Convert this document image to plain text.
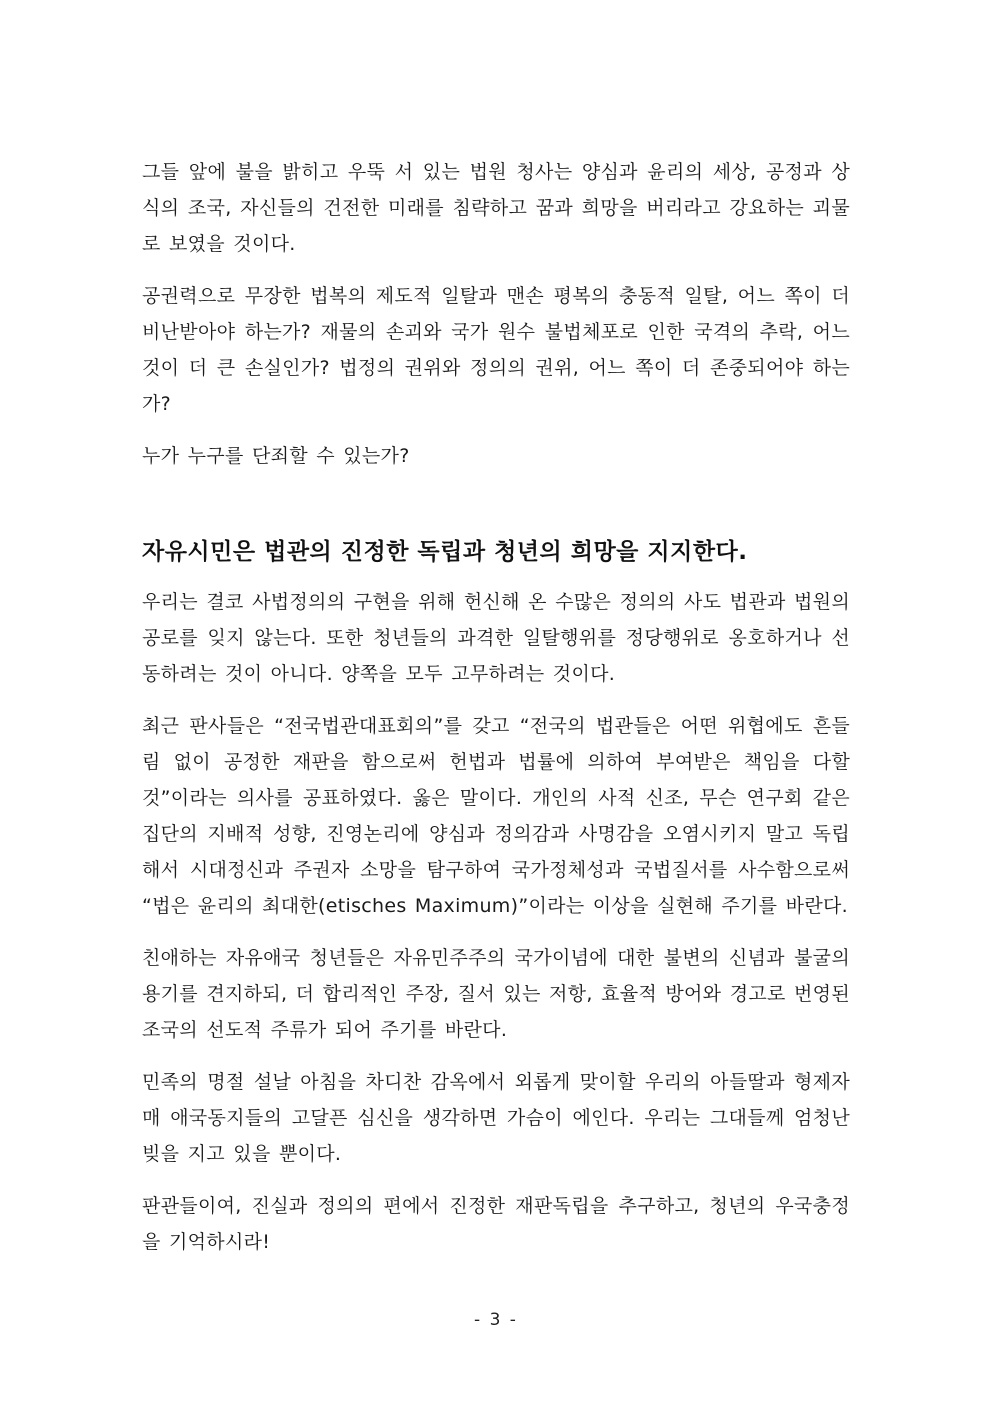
그들 앞에 불을 밝히고 우뚝 서 있는 법원 청사는 양심과 윤리의 세상, 공정과 상식의 조국, 자신들의 건전한 미래를 침략하고 꿈과 희망을 버리라고 강요하는 괴물로 보였을 것이다.

공권력으로 무장한 법복의 제도적 일탈과 맨손 평복의 충동적 일탈, 어느 쪽이 더 비난받아야 하는가? 재물의 손괴와 국가 원수 불법체포로 인한 국격의 추락, 어느 것이 더 큰 손실인가? 법정의 권위와 정의의 권위, 어느 쪽이 더 존중되어야 하는가?

누가 누구를 단죄할 수 있는가?

자유시민은 법관의 진정한 독립과 청년의 희망을 지지한다.

우리는 결코 사법정의의 구현을 위해 헌신해 온 수많은 정의의 사도 법관과 법원의 공로를 잊지 않는다. 또한 청년들의 과격한 일탈행위를 정당행위로 옹호하거나 선동하려는 것이 아니다. 양쪽을 모두 고무하려는 것이다.

최근 판사들은 “전국법관대표회의”를 갖고 “전국의 법관들은 어떤 위협에도 흔들림 없이 공정한 재판을 함으로써 헌법과 법률에 의하여 부여받은 책임을 다할 것”이라는 의사를 공표하였다. 옳은 말이다. 개인의 사적 신조, 무슨 연구회 같은 집단의 지배적 성향, 진영논리에 양심과 정의감과 사명감을 오염시키지 말고 독립해서 시대정신과 주권자 소망을 탐구하여 국가정체성과 국법질서를 사수함으로써 “법은 윤리의 최대한(etisches Maximum)”이라는 이상을 실현해 주기를 바란다.

친애하는 자유애국 청년들은 자유민주주의 국가이념에 대한 불변의 신념과 불굴의 용기를 견지하되, 더 합리적인 주장, 질서 있는 저항, 효율적 방어와 경고로 번영된 조국의 선도적 주류가 되어 주기를 바란다.

민족의 명절 설날 아침을 차디찬 감옥에서 외롭게 맞이할 우리의 아들딸과 형제자매 애국동지들의 고달픈 심신을 생각하면 가슴이 에인다. 우리는 그대들께 엄청난 빚을 지고 있을 뿐이다.

판관들이여, 진실과 정의의 편에서 진정한 재판독립을 추구하고, 청년의 우국충정을 기억하시라!

- 3 -
